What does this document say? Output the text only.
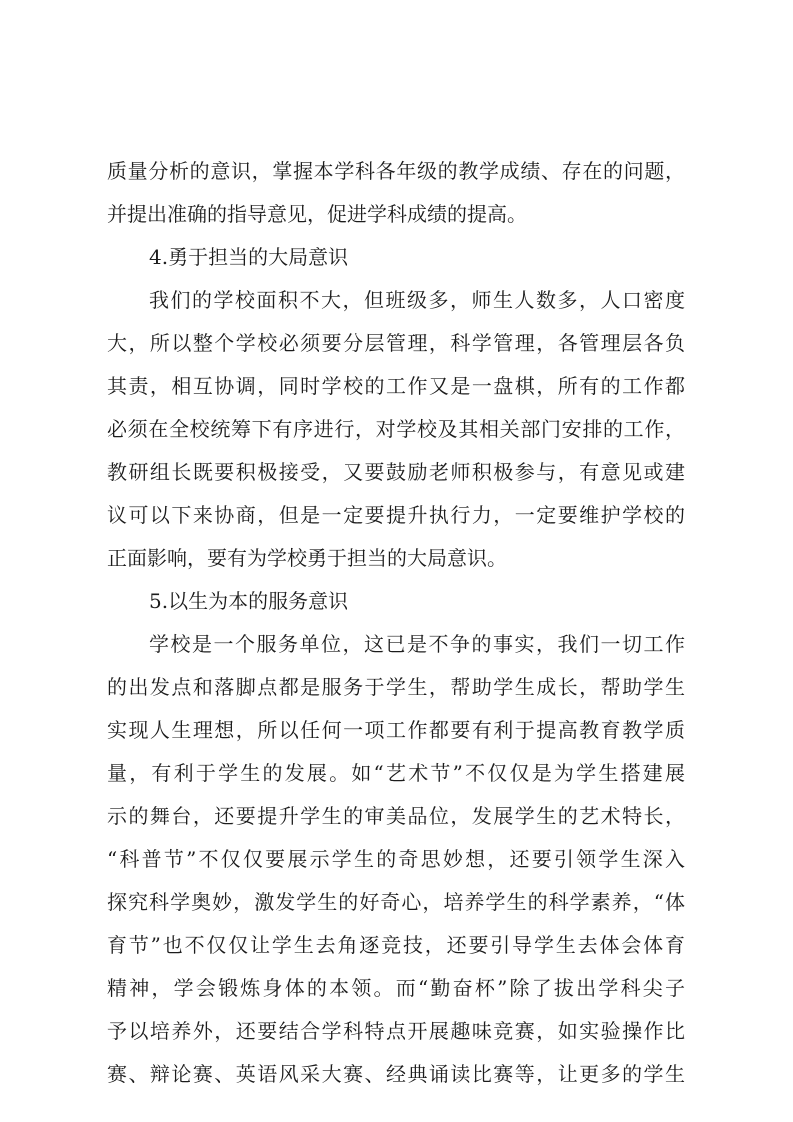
质量分析的意识，掌握本学科各年级的教学成绩、存在的问题，
并提出准确的指导意见，促进学科成绩的提高。
4.勇于担当的大局意识
我们的学校面积不大，但班级多，师生人数多，人口密度
大，所以整个学校必须要分层管理，科学管理，各管理层各负
其责，相互协调，同时学校的工作又是一盘棋，所有的工作都
必须在全校统筹下有序进行，对学校及其相关部门安排的工作，
教研组长既要积极接受，又要鼓励老师积极参与，有意见或建
议可以下来协商，但是一定要提升执行力，一定要维护学校的
正面影响，要有为学校勇于担当的大局意识。
5.以生为本的服务意识
学校是一个服务单位，这已是不争的事实，我们一切工作
的出发点和落脚点都是服务于学生，帮助学生成长，帮助学生
实现人生理想，所以任何一项工作都要有利于提高教育教学质
量，有利于学生的发展。如“艺术节”不仅仅是为学生搭建展
示的舞台，还要提升学生的审美品位，发展学生的艺术特长，
“科普节”不仅仅要展示学生的奇思妙想，还要引领学生深入
探究科学奥妙，激发学生的好奇心，培养学生的科学素养，“体
育节”也不仅仅让学生去角逐竞技，还要引导学生去体会体育
精神，学会锻炼身体的本领。而“勤奋杯”除了拔出学科尖子
予以培养外，还要结合学科特点开展趣味竞赛，如实验操作比
赛、辩论赛、英语风采大赛、经典诵读比赛等，让更多的学生
